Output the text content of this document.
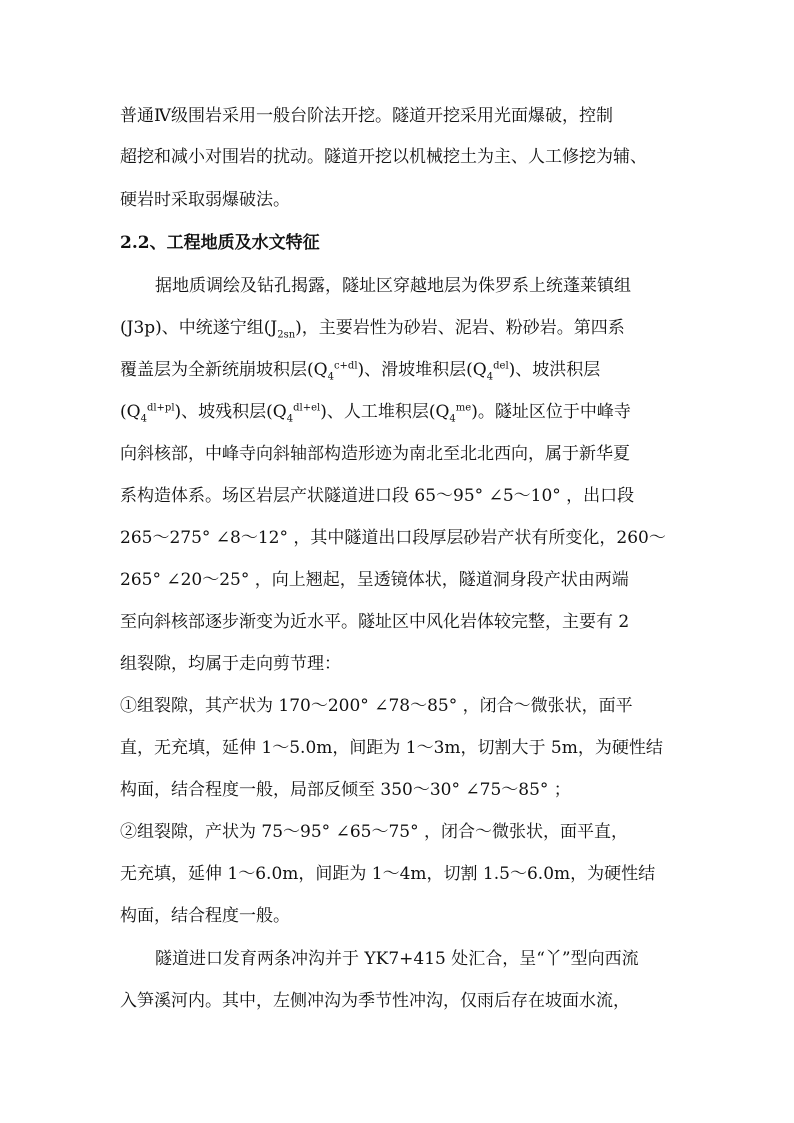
普通Ⅳ级围岩采用一般台阶法开挖。隧道开挖采用光面爆破，控制
超挖和减小对围岩的扰动。隧道开挖以机械挖土为主、人工修挖为辅、
硬岩时采取弱爆破法。
2.2、工程地质及水文特征
据地质调绘及钻孔揭露，隧址区穿越地层为侏罗系上统蓬莱镇组
(J3p)、中统遂宁组$(J_{2sn})$，主要岩性为砂岩、泥岩、粉砂岩。第四系
覆盖层为全新统崩坡积层$(Q_4^{c+dl})$、滑坡堆积层$(Q_4^{del})$、坡洪积层
$(Q_4^{dl+pl})$、坡残积层$(Q_4^{dl+el})$、人工堆积层$(Q_4^{me})$。隧址区位于中峰寺
向斜核部，中峰寺向斜轴部构造形迹为南北至北北西向，属于新华夏
系构造体系。场区岩层产状隧道进口段 65～95° ∠5～10° ，出口段
265～275° ∠8～12° ，其中隧道出口段厚层砂岩产状有所变化，260～
265° ∠20～25° ，向上翘起，呈透镜体状，隧道洞身段产状由两端
至向斜核部逐步渐变为近水平。隧址区中风化岩体较完整，主要有 2
组裂隙，均属于走向剪节理：
①组裂隙，其产状为 170～200° ∠78～85° ，闭合～微张状，面平
直，无充填，延伸 1～5.0m，间距为 1～3m，切割大于 5m，为硬性结
构面，结合程度一般，局部反倾至 350～30° ∠75～85° ；
②组裂隙，产状为 75～95° ∠65～75° ，闭合～微张状，面平直，
无充填，延伸 1～6.0m，间距为 1～4m，切割 1.5～6.0m，为硬性结
构面，结合程度一般。
隧道进口发育两条冲沟并于 YK7+415 处汇合，呈“丫”型向西流
入笋溪河内。其中，左侧冲沟为季节性冲沟，仅雨后存在坡面水流，
